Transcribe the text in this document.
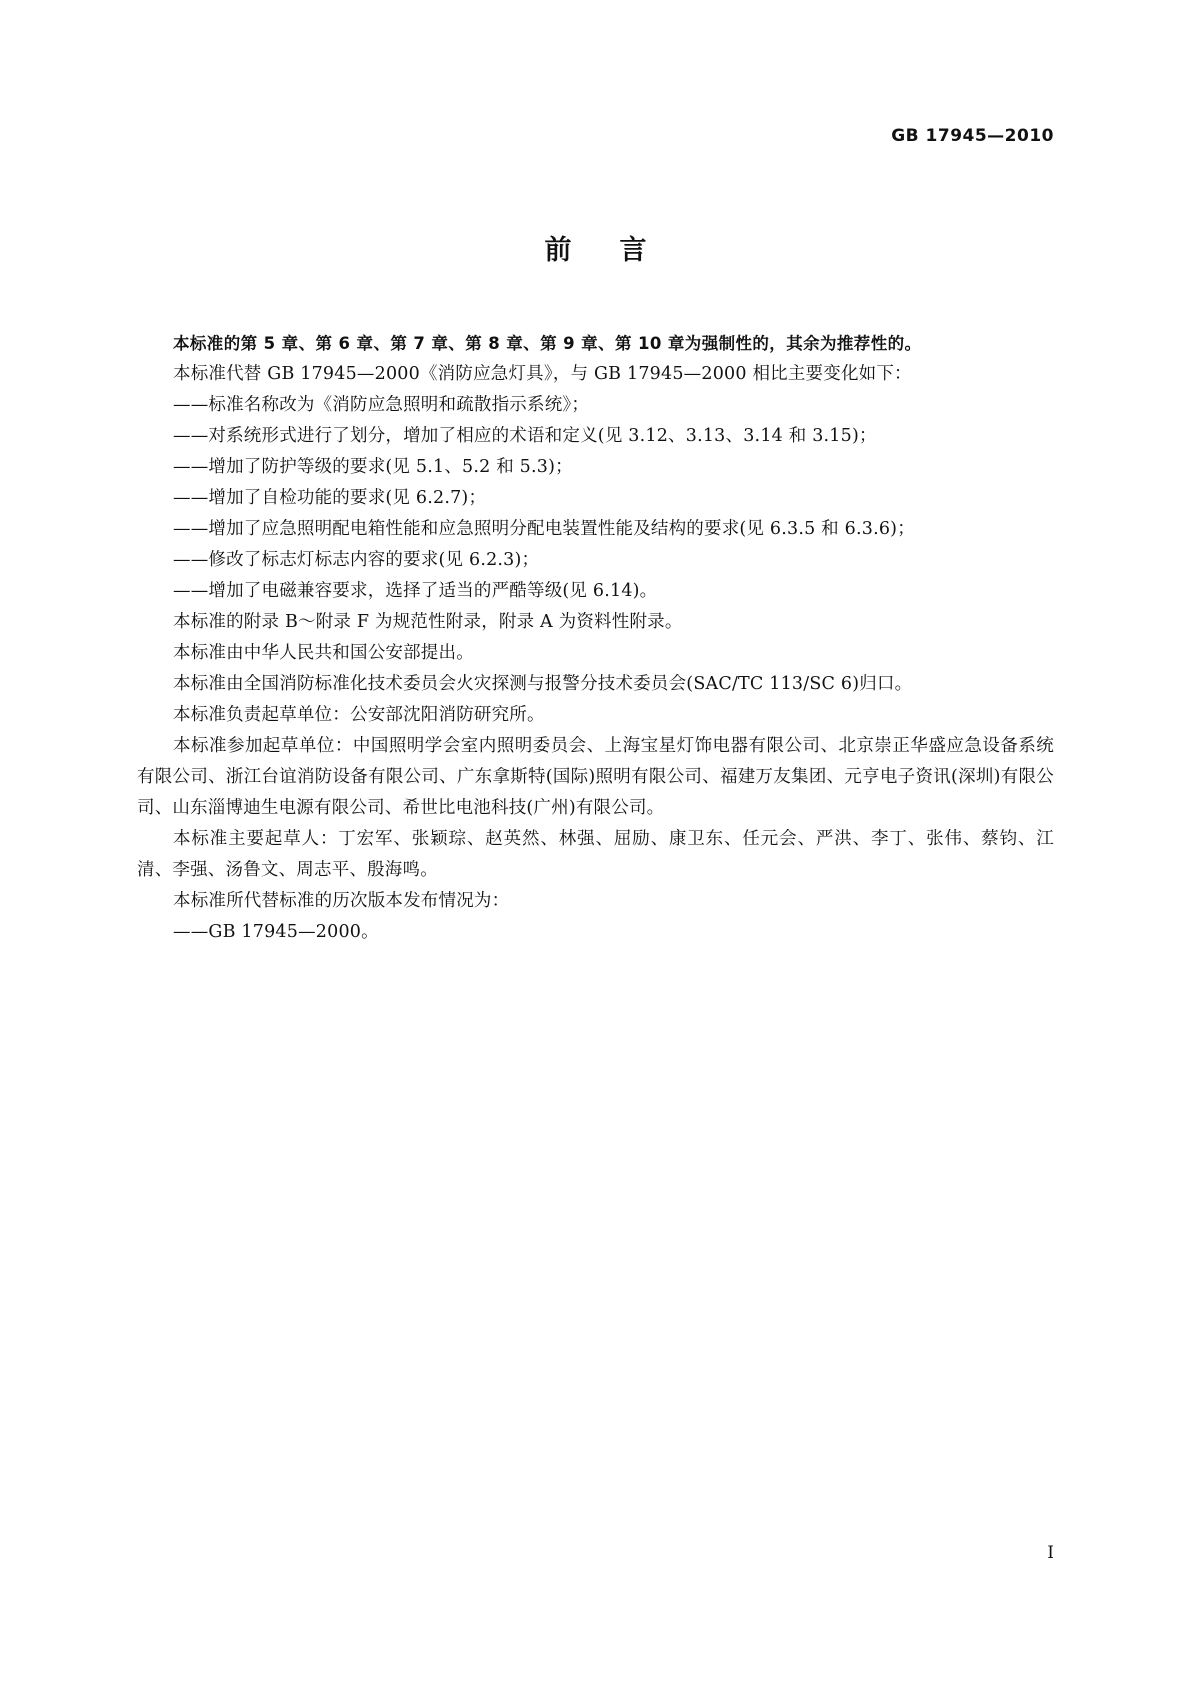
GB 17945—2010
前言

本标准的第 5 章、第 6 章、第 7 章、第 8 章、第 9 章、第 10 章为强制性的，其余为推荐性的。

本标准代替 GB 17945—2000《消防应急灯具》，与 GB 17945—2000 相比主要变化如下：

——标准名称改为《消防应急照明和疏散指示系统》；

——对系统形式进行了划分，增加了相应的术语和定义(见 3.12、3.13、3.14 和 3.15)；

——增加了防护等级的要求(见 5.1、5.2 和 5.3)；

——增加了自检功能的要求(见 6.2.7)；

——增加了应急照明配电箱性能和应急照明分配电装置性能及结构的要求(见 6.3.5 和 6.3.6)；

——修改了标志灯标志内容的要求(见 6.2.3)；

——增加了电磁兼容要求，选择了适当的严酷等级(见 6.14)。

本标准的附录 B～附录 F 为规范性附录，附录 A 为资料性附录。

本标准由中华人民共和国公安部提出。

本标准由全国消防标准化技术委员会火灾探测与报警分技术委员会(SAC/TC 113/SC 6)归口。

本标准负责起草单位：公安部沈阳消防研究所。

本标准参加起草单位：中国照明学会室内照明委员会、上海宝星灯饰电器有限公司、北京崇正华盛应急设备系统有限公司、浙江台谊消防设备有限公司、广东拿斯特(国际)照明有限公司、福建万友集团、元亨电子资讯(深圳)有限公司、山东淄博迪生电源有限公司、希世比电池科技(广州)有限公司。

本标准主要起草人：丁宏军、张颖琮、赵英然、林强、屈励、康卫东、任元会、严洪、李丁、张伟、蔡钧、江清、李强、汤鲁文、周志平、殷海鸣。

本标准所代替标准的历次版本发布情况为：

——GB 17945—2000。

I
